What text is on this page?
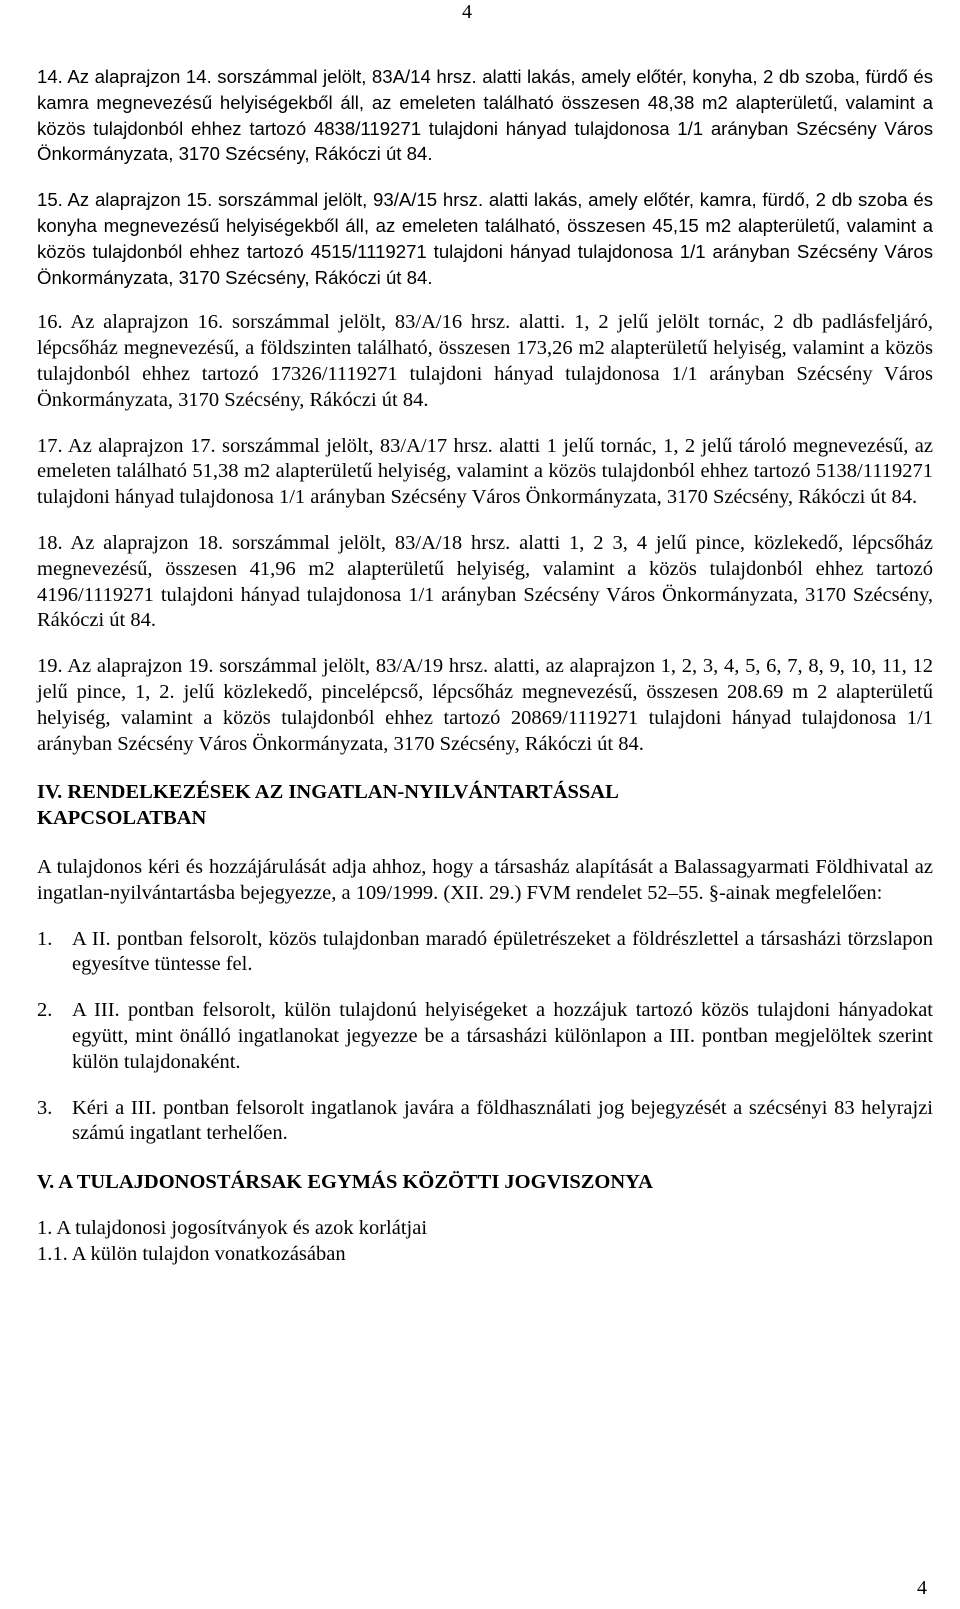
4

14. Az alaprajzon 14. sorszámmal jelölt, 83A/14 hrsz. alatti lakás, amely előtér, konyha, 2 db szoba, fürdő és kamra megnevezésű helyiségekből áll, az emeleten található összesen 48,38 m2 alapterületű, valamint a közös tulajdonból ehhez tartozó 4838/119271 tulajdoni hányad tulajdonosa 1/1 arányban Szécsény Város Önkormányzata, 3170 Szécsény, Rákóczi út 84.

15. Az alaprajzon 15. sorszámmal jelölt, 93/A/15 hrsz. alatti lakás, amely előtér, kamra, fürdő, 2 db szoba és konyha megnevezésű helyiségekből áll, az emeleten található, összesen 45,15 m2 alapterületű, valamint a közös tulajdonból ehhez tartozó 4515/1119271 tulajdoni hányad tulajdonosa 1/1 arányban Szécsény Város Önkormányzata, 3170 Szécsény, Rákóczi út 84.

16. Az alaprajzon 16. sorszámmal jelölt, 83/A/16 hrsz. alatti. 1, 2 jelű jelölt tornác, 2 db padlásfeljáró, lépcsőház megnevezésű, a földszinten található, összesen 173,26 m2 alapterületű helyiség, valamint a közös tulajdonból ehhez tartozó 17326/1119271 tulajdoni hányad tulajdonosa 1/1 arányban Szécsény Város Önkormányzata, 3170 Szécsény, Rákóczi út 84.

17. Az alaprajzon 17. sorszámmal jelölt, 83/A/17 hrsz. alatti 1 jelű tornác, 1, 2 jelű tároló megnevezésű, az emeleten található 51,38 m2 alapterületű helyiség, valamint a közös tulajdonból ehhez tartozó 5138/1119271 tulajdoni hányad tulajdonosa 1/1 arányban Szécsény Város Önkormányzata, 3170 Szécsény, Rákóczi út 84.

18. Az alaprajzon 18. sorszámmal jelölt, 83/A/18 hrsz. alatti 1, 2 3, 4 jelű pince, közlekedő, lépcsőház megnevezésű, összesen 41,96 m2 alapterületű helyiség, valamint a közös tulajdonból ehhez tartozó 4196/1119271 tulajdoni hányad tulajdonosa 1/1 arányban Szécsény Város Önkormányzata, 3170 Szécsény, Rákóczi út 84.

19. Az alaprajzon 19. sorszámmal jelölt, 83/A/19 hrsz. alatti, az alaprajzon 1, 2, 3, 4, 5, 6, 7, 8, 9, 10, 11, 12 jelű pince, 1, 2. jelű közlekedő, pincelépcső, lépcsőház megnevezésű, összesen 208.69 m 2 alapterületű helyiség, valamint a közös tulajdonból ehhez tartozó 20869/1119271 tulajdoni hányad tulajdonosa 1/1 arányban Szécsény Város Önkormányzata, 3170 Szécsény, Rákóczi út 84.

IV. RENDELKEZÉSEK AZ INGATLAN-NYILVÁNTARTÁSSAL

KAPCSOLATBAN

A tulajdonos kéri és hozzájárulását adja ahhoz, hogy a társasház alapítását a Balassagyarmati Földhivatal az ingatlan-nyilvántartásba bejegyezze, a 109/1999. (XII. 29.) FVM rendelet 52–55. §-ainak megfelelően:

1. A II. pontban felsorolt, közös tulajdonban maradó épületrészeket a földrészlettel a társasházi törzslapon egyesítve tüntesse fel.
2. A III. pontban felsorolt, külön tulajdonú helyiségeket a hozzájuk tartozó közös tulajdoni hányadokat együtt, mint önálló ingatlanokat jegyezze be a társasházi különlapon a III. pontban megjelöltek szerint külön tulajdonaként.
3. Kéri a III. pontban felsorolt ingatlanok javára a földhasználati jog bejegyzését a szécsényi 83 helyrajzi számú ingatlant terhelően.

V. A TULAJDONOSTÁRSAK EGYMÁS KÖZÖTTI JOGVISZONYA

1. A tulajdonosi jogosítványok és azok korlátjai

1.1. A külön tulajdon vonatkozásában

4
